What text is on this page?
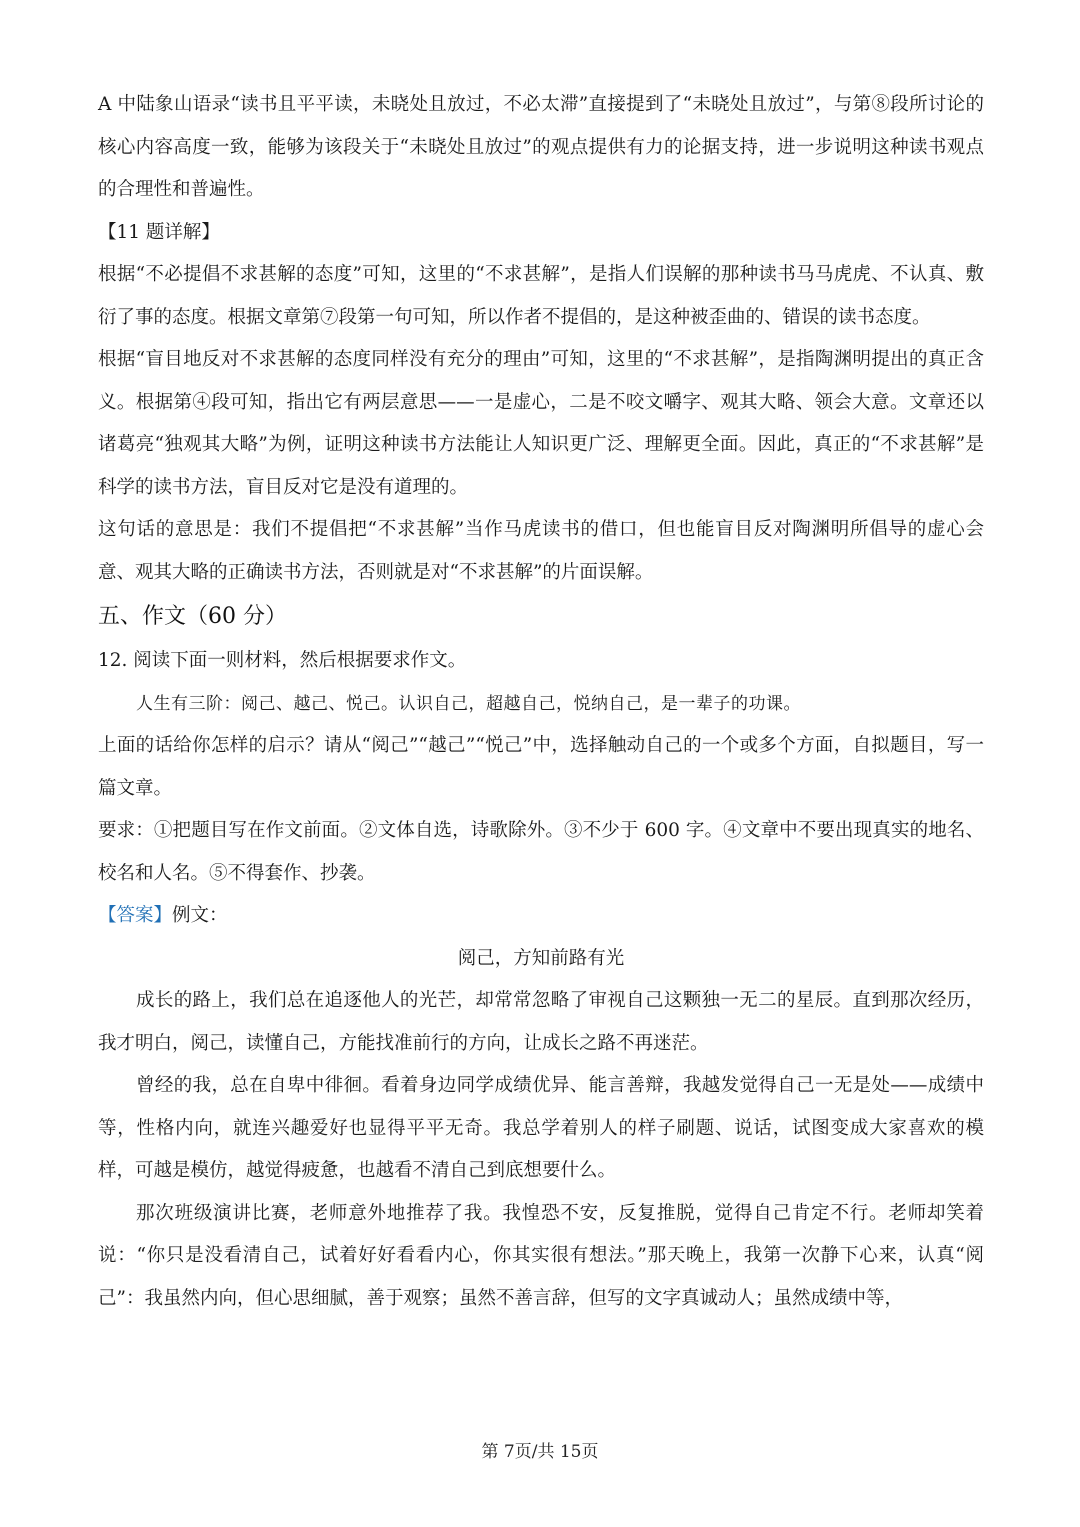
A 中陆象山语录“读书且平平读，未晓处且放过，不必太滞”直接提到了“未晓处且放过”，与第⑧段所讨论的核心内容高度一致，能够为该段关于“未晓处且放过”的观点提供有力的论据支持，进一步说明这种读书观点的合理性和普遍性。

【11 题详解】

根据“不必提倡不求甚解的态度”可知，这里的“不求甚解”，是指人们误解的那种读书马马虎虎、不认真、敷衍了事的态度。根据文章第⑦段第一句可知，所以作者不提倡的，是这种被歪曲的、错误的读书态度。

根据“盲目地反对不求甚解的态度同样没有充分的理由”可知，这里的“不求甚解”，是指陶渊明提出的真正含义。根据第④段可知，指出它有两层意思——一是虚心，二是不咬文嚼字、观其大略、领会大意。文章还以诸葛亮“独观其大略”为例，证明这种读书方法能让人知识更广泛、理解更全面。因此，真正的“不求甚解”是科学的读书方法，盲目反对它是没有道理的。

这句话的意思是：我们不提倡把“不求甚解”当作马虎读书的借口，但也能盲目反对陶渊明所倡导的虚心会意、观其大略的正确读书方法，否则就是对“不求甚解”的片面误解。

五、作文（60 分）

12. 阅读下面一则材料，然后根据要求作文。

人生有三阶：阅己、越己、悦己。认识自己，超越自己，悦纳自己，是一辈子的功课。

上面的话给你怎样的启示？请从“阅己”“越己”“悦己”中，选择触动自己的一个或多个方面，自拟题目，写一篇文章。

要求：①把题目写在作文前面。②文体自选，诗歌除外。③不少于 600 字。④文章中不要出现真实的地名、校名和人名。⑤不得套作、抄袭。

【答案】例文：

阅己，方知前路有光

成长的路上，我们总在追逐他人的光芒，却常常忽略了审视自己这颗独一无二的星辰。直到那次经历，我才明白，阅己，读懂自己，方能找准前行的方向，让成长之路不再迷茫。

曾经的我，总在自卑中徘徊。看着身边同学成绩优异、能言善辩，我越发觉得自己一无是处——成绩中等，性格内向，就连兴趣爱好也显得平平无奇。我总学着别人的样子刷题、说话，试图变成大家喜欢的模样，可越是模仿，越觉得疲惫，也越看不清自己到底想要什么。

那次班级演讲比赛，老师意外地推荐了我。我惶恐不安，反复推脱，觉得自己肯定不行。老师却笑着说：“你只是没看清自己，试着好好看看内心，你其实很有想法。”那天晚上，我第一次静下心来，认真“阅己”：我虽然内向，但心思细腻，善于观察；虽然不善言辞，但写的文字真诚动人；虽然成绩中等，

第 7页/共 15页
